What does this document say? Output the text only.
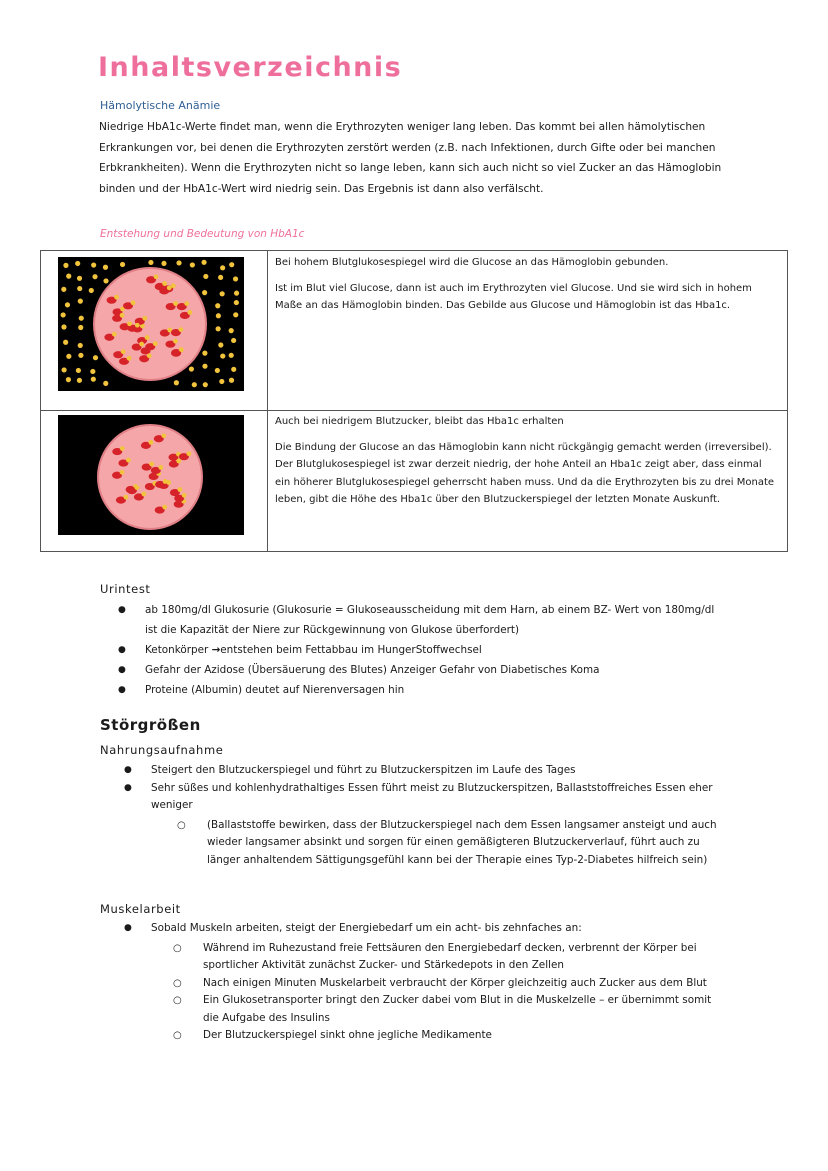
Inhaltsverzeichnis
Hämolytische Anämie
Niedrige HbA1c-Werte findet man, wenn die Erythrozyten weniger lang leben. Das kommt bei allen hämolytischen Erkrankungen vor, bei denen die Erythrozyten zerstört werden (z.B. nach Infektionen, durch Gifte oder bei manchen Erbkrankheiten). Wenn die Erythrozyten nicht so lange leben, kann sich auch nicht so viel Zucker an das Hämoglobin binden und der HbA1c-Wert wird niedrig sein. Das Ergebnis ist dann also verfälscht.
Entstehung und Bedeutung von HbA1c

Bei hohem Blutglukosespiegel wird die Glucose an das Hämoglobin gebunden.

Ist im Blut viel Glucose, dann ist auch im Erythrozyten viel Glucose. Und sie wird sich in hohem Maße an das Hämoglobin binden. Das Gebilde aus Glucose und Hämoglobin ist das Hba1c.

Auch bei niedrigem Blutzucker, bleibt das Hba1c erhalten

Die Bindung der Glucose an das Hämoglobin kann nicht rückgängig gemacht werden (irreversibel). Der Blutglukosespiegel ist zwar derzeit niedrig, der hohe Anteil an Hba1c zeigt aber, dass einmal ein höherer Blutglukosespiegel geherrscht haben muss. Und da die Erythrozyten bis zu drei Monate leben, gibt die Höhe des Hba1c über den Blutzuckerspiegel der letzten Monate Auskunft.

Urintest
● ab 180mg/dl Glukosurie (Glukosurie = Glukoseausscheidung mit dem Harn, ab einem BZ- Wert von 180mg/dl ist die Kapazität der Niere zur Rückgewinnung von Glukose überfordert)
● Ketonkörper →entstehen beim Fettabbau im HungerStoffwechsel
● Gefahr der Azidose (Übersäuerung des Blutes) Anzeiger Gefahr von Diabetisches Koma
● Proteine (Albumin) deutet auf Nierenversagen hin
Störgrößen
Nahrungsaufnahme
● Steigert den Blutzuckerspiegel und führt zu Blutzuckerspitzen im Laufe des Tages
● Sehr süßes und kohlenhydrathaltiges Essen führt meist zu Blutzuckerspitzen, Ballaststoffreiches Essen eher weniger
○ (Ballaststoffe bewirken, dass der Blutzuckerspiegel nach dem Essen langsamer ansteigt und auch wieder langsamer absinkt und sorgen für einen gemäßigteren Blutzuckerverlauf, führt auch zu länger anhaltendem Sättigungsgefühl kann bei der Therapie eines Typ-2-Diabetes hilfreich sein)
Muskelarbeit
● Sobald Muskeln arbeiten, steigt der Energiebedarf um ein acht- bis zehnfaches an:
○ Während im Ruhezustand freie Fettsäuren den Energiebedarf decken, verbrennt der Körper bei sportlicher Aktivität zunächst Zucker- und Stärkedepots in den Zellen
○ Nach einigen Minuten Muskelarbeit verbraucht der Körper gleichzeitig auch Zucker aus dem Blut
○ Ein Glukosetransporter bringt den Zucker dabei vom Blut in die Muskelzelle – er übernimmt somit die Aufgabe des Insulins
○ Der Blutzuckerspiegel sinkt ohne jegliche Medikamente
